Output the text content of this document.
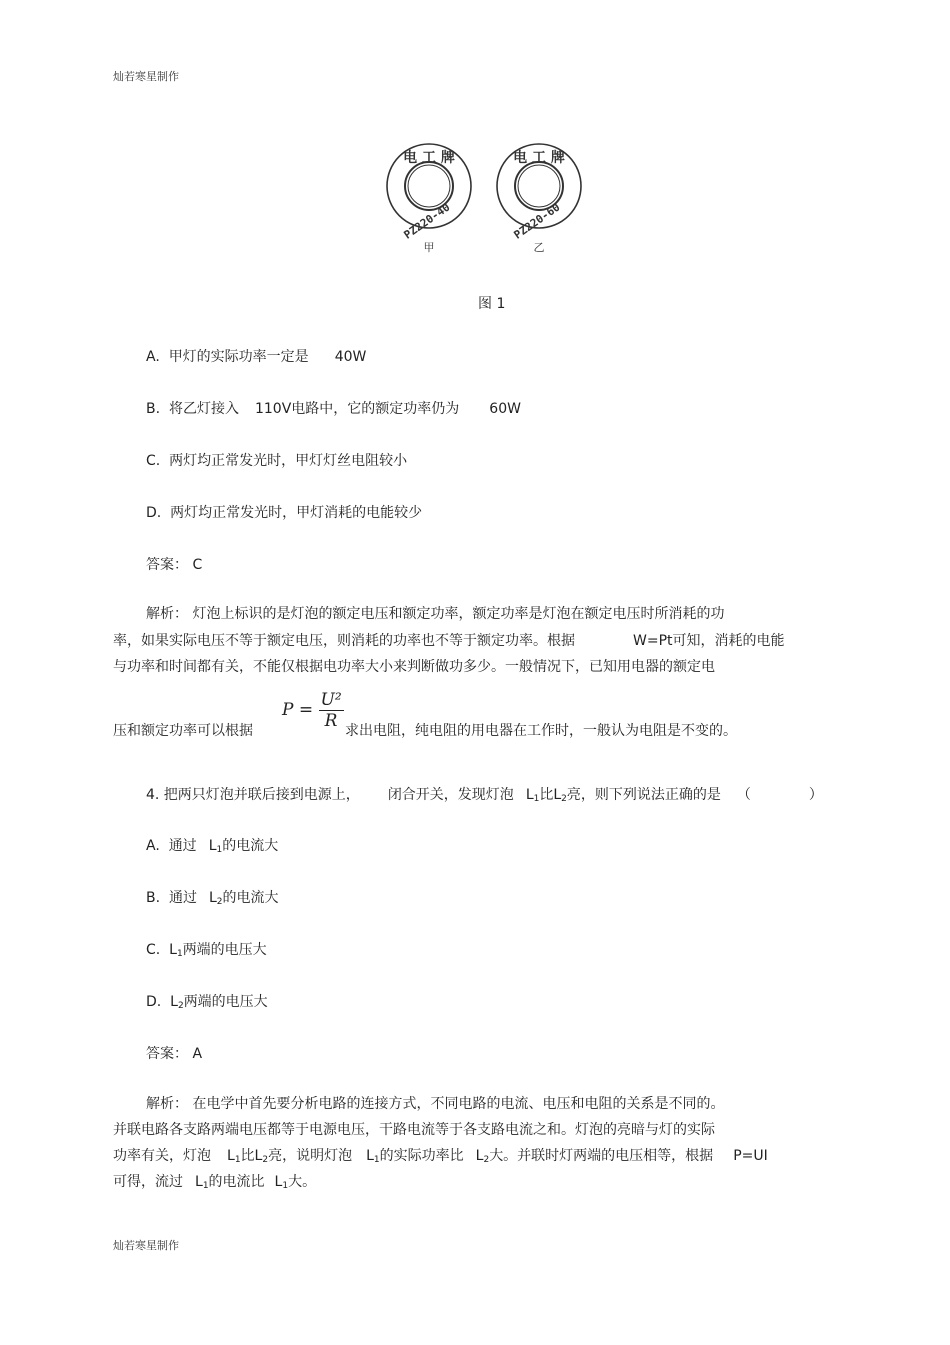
灿若寒星制作
电 工 牌
PZ220-40
甲
电 工 牌
PZ220-60
乙
图 1
A. 甲灯的实际功率一定是 40W
B. 将乙灯接入 110V电路中，它的额定功率仍为 60W
C. 两灯均正常发光时，甲灯灯丝电阻较小
D. 两灯均正常发光时，甲灯消耗的电能较少
答案： C
解析： 灯泡上标识的是灯泡的额定电压和额定功率，额定功率是灯泡在额定电压时所消耗的功
率，如果实际电压不等于额定电压，则消耗的功率也不等于额定功率。根据	W=Pt可知，消耗的电能
与功率和时间都有关，不能仅根据电功率大小来判断做功多少。一般情况下，已知用电器的额定电
压和额定功率可以根据
$P = \frac{\text{U²}}{R}$ 求出电阻，纯电阻的用电器在工作时，一般认为电阻是不变的。
4. 把两只灯泡并联后接到电源上， 闭合开关，发现灯泡 $L_1$比$L_2$亮，则下列说法正确的是 （	）
A. 通过 $L_1$的电流大
B. 通过 $L_2$的电流大
C. $L_1$两端的电压大
D. $L_2$两端的电压大
答案： A
解析： 在电学中首先要分析电路的连接方式，不同电路的电流、电压和电阻的关系是不同的。
并联电路各支路两端电压都等于电源电压，干路电流等于各支路电流之和。灯泡的亮暗与灯的实际
功率有关，灯泡 $L_1$比$L_2$亮，说明灯泡 $L_1$的实际功率比 $L_2$大。并联时灯两端的电压相等，根据 P=UI
可得，流过 $L_1$的电流比 $L_1$大。
灿若寒星制作
